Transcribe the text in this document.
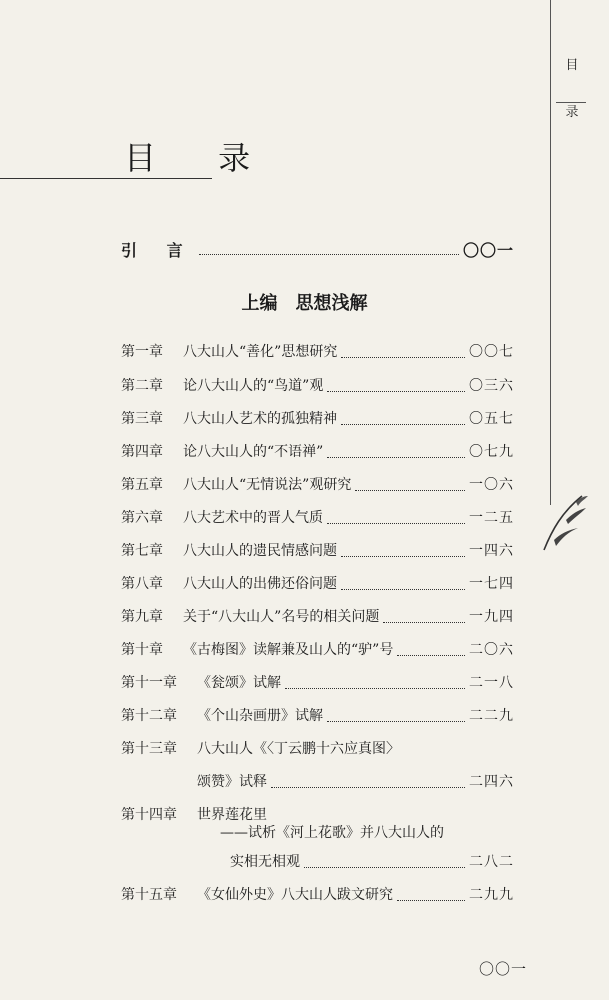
目 录
目
录
引 言	〇〇一
上编 思想浅解
第一章	八大山人“善化”思想研究	〇〇七
第二章	论八大山人的“鸟道”观	〇三六
第三章	八大山人艺术的孤独精神	〇五七
第四章	论八大山人的“不语禅”	〇七九
第五章	八大山人“无情说法”观研究	一〇六
第六章	八大艺术中的晋人气质	一二五
第七章	八大山人的遗民情感问题	一四六
第八章	八大山人的出佛还俗问题	一七四
第九章	关于“八大山人”名号的相关问题	一九四
第十章	《古梅图》读解兼及山人的“驴”号	二〇六
第十一章	《瓮颂》试解	二一八
第十二章	《个山杂画册》试解	二二九
第十三章	八大山人《〈丁云鹏十六应真图〉
颂赞》试释	二四六
第十四章	世界莲花里
——试析《河上花歌》并八大山人的
实相无相观	二八二
第十五章	《女仙外史》八大山人跋文研究	二九九
〇〇一
